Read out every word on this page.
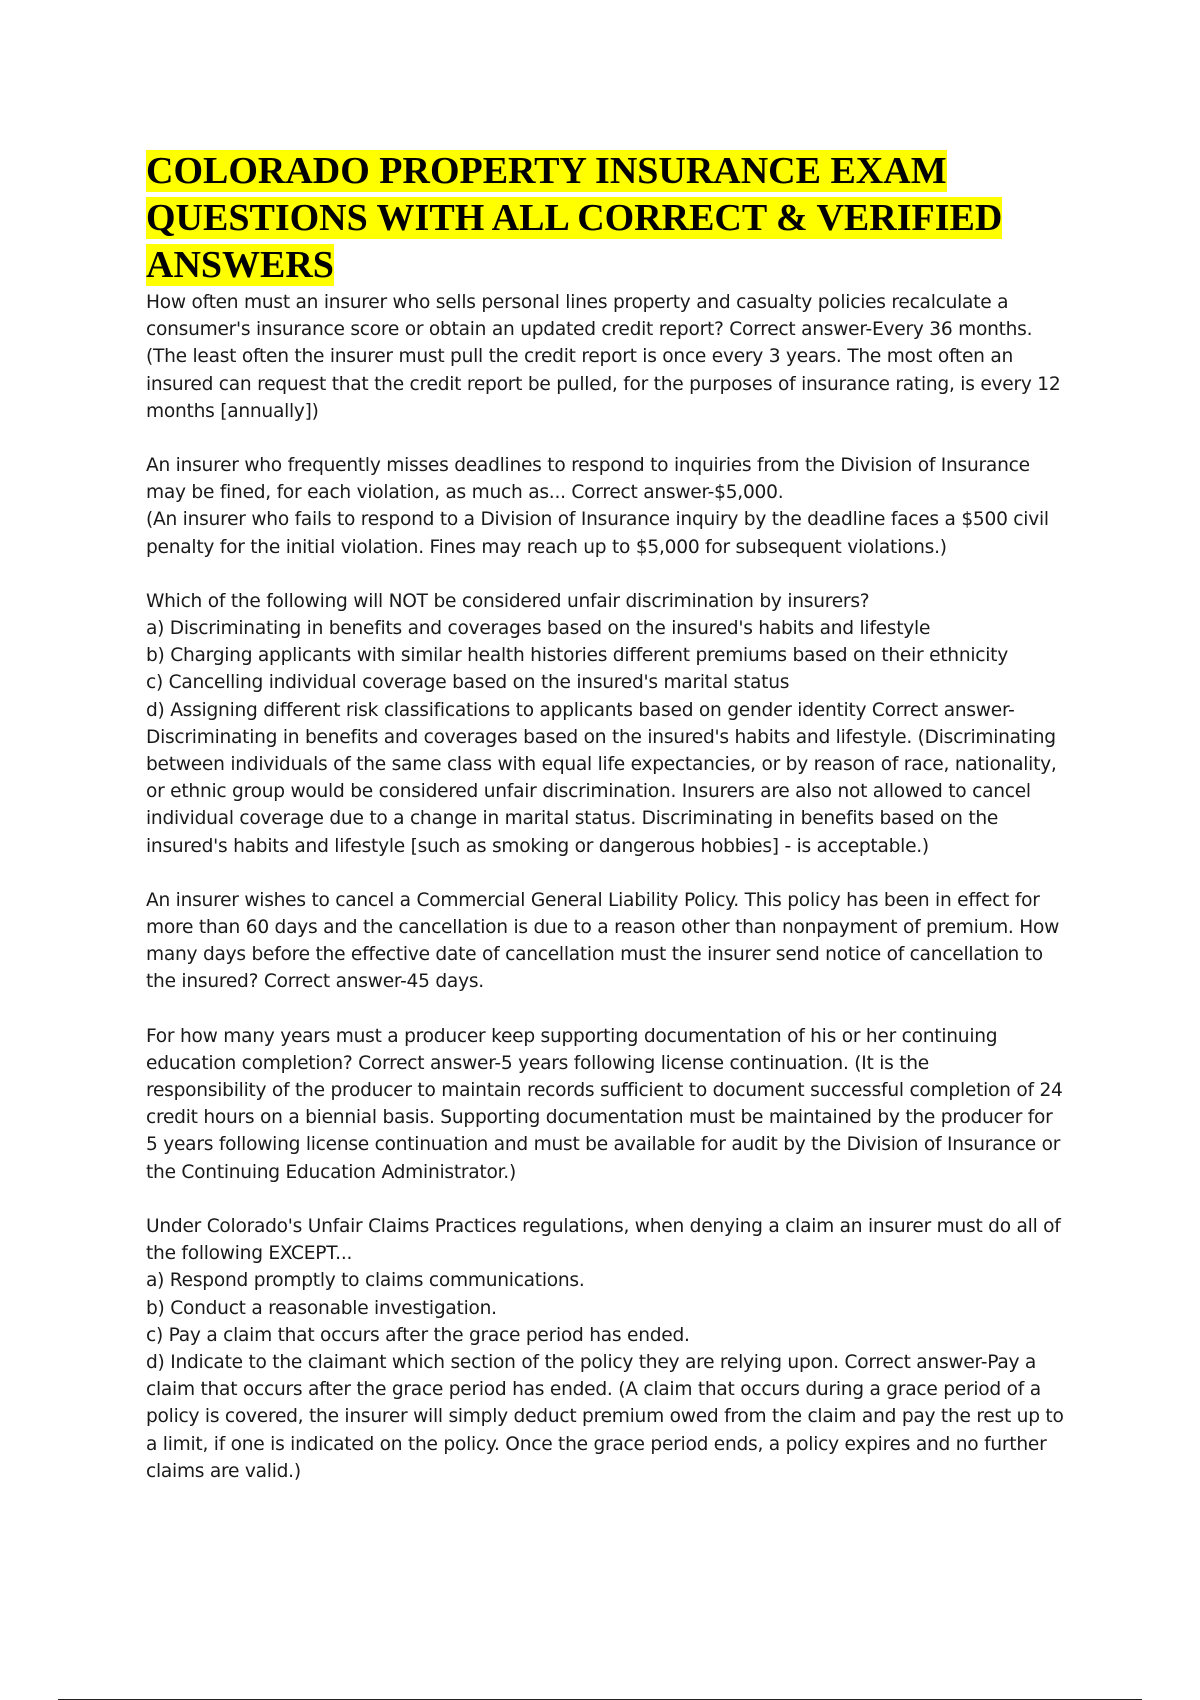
COLORADO PROPERTY INSURANCE EXAM
QUESTIONS WITH ALL CORRECT & VERIFIED
ANSWERS

How often must an insurer who sells personal lines property and casualty policies recalculate a
consumer's insurance score or obtain an updated credit report? Correct answer-Every 36 months.
(The least often the insurer must pull the credit report is once every 3 years. The most often an
insured can request that the credit report be pulled, for the purposes of insurance rating, is every 12
months [annually])

An insurer who frequently misses deadlines to respond to inquiries from the Division of Insurance
may be fined, for each violation, as much as... Correct answer-$5,000.
(An insurer who fails to respond to a Division of Insurance inquiry by the deadline faces a $500 civil
penalty for the initial violation. Fines may reach up to $5,000 for subsequent violations.)

Which of the following will NOT be considered unfair discrimination by insurers?
a) Discriminating in benefits and coverages based on the insured's habits and lifestyle
b) Charging applicants with similar health histories different premiums based on their ethnicity
c) Cancelling individual coverage based on the insured's marital status
d) Assigning different risk classifications to applicants based on gender identity Correct answer-
Discriminating in benefits and coverages based on the insured's habits and lifestyle. (Discriminating
between individuals of the same class with equal life expectancies, or by reason of race, nationality,
or ethnic group would be considered unfair discrimination. Insurers are also not allowed to cancel
individual coverage due to a change in marital status. Discriminating in benefits based on the
insured's habits and lifestyle [such as smoking or dangerous hobbies] - is acceptable.)

An insurer wishes to cancel a Commercial General Liability Policy. This policy has been in effect for
more than 60 days and the cancellation is due to a reason other than nonpayment of premium. How
many days before the effective date of cancellation must the insurer send notice of cancellation to
the insured? Correct answer-45 days.

For how many years must a producer keep supporting documentation of his or her continuing
education completion? Correct answer-5 years following license continuation. (It is the
responsibility of the producer to maintain records sufficient to document successful completion of 24
credit hours on a biennial basis. Supporting documentation must be maintained by the producer for
5 years following license continuation and must be available for audit by the Division of Insurance or
the Continuing Education Administrator.)

Under Colorado's Unfair Claims Practices regulations, when denying a claim an insurer must do all of
the following EXCEPT...
a) Respond promptly to claims communications.
b) Conduct a reasonable investigation.
c) Pay a claim that occurs after the grace period has ended.
d) Indicate to the claimant which section of the policy they are relying upon. Correct answer-Pay a
claim that occurs after the grace period has ended. (A claim that occurs during a grace period of a
policy is covered, the insurer will simply deduct premium owed from the claim and pay the rest up to
a limit, if one is indicated on the policy. Once the grace period ends, a policy expires and no further
claims are valid.)
